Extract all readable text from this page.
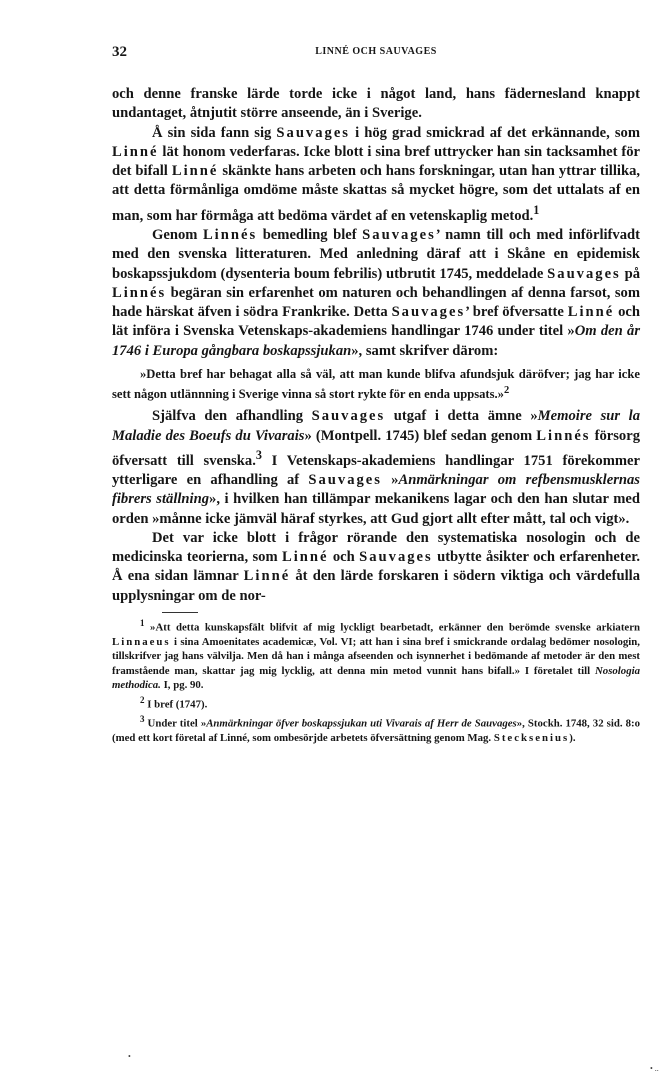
32	LINNÉ OCH SAUVAGES

och denne franske lärde torde icke i något land, hans fädernesland knappt undantaget, åtnjutit större anseende, än i Sverige.

Å sin sida fann sig Sauvages i hög grad smickrad af det erkännande, som Linné lät honom vederfaras. Icke blott i sina bref uttrycker han sin tacksamhet för det bifall Linné skänkte hans arbeten och hans forskningar, utan han yttrar tillika, att detta förmånliga omdöme måste skattas så mycket högre, som det uttalats af en man, som har förmåga att bedöma värdet af en vetenskaplig metod.$^1$

Genom Linnés bemedling blef Sauvages’ namn till och med införlifvadt med den svenska litteraturen. Med anledning däraf att i Skåne en epidemisk boskapssjukdom (dysenteria boum febrilis) utbrutit 1745, meddelade Sauvages på Linnés begäran sin erfarenhet om naturen och behandlingen af denna farsot, som hade härskat äfven i södra Frankrike. Detta Sauvages’ bref öfversatte Linné och lät införa i Svenska Vetenskaps-akademiens handlingar 1746 under titel »Om den år 1746 i Europa gångbara boskapssjukan», samt skrifver därom:

»Detta bref har behagat alla så väl, att man kunde blifva afundsjuk däröfver; jag har icke sett någon utlännning i Sverige vinna så stort rykte för en enda uppsats.»$^2$

Själfva den afhandling Sauvages utgaf i detta ämne »Memoire sur la Maladie des Boeufs du Vivarais» (Montpell. 1745) blef sedan genom Linnés försorg öfversatt till svenska.$^3$ I Vetenskaps-akademiens handlingar 1751 förekommer ytterligare en afhandling af Sauvages »Anmärkningar om refbensmusklernas fibrers ställning», i hvilken han tillämpar mekanikens lagar och den han slutar med orden »månne icke jämväl häraf styrkes, att Gud gjort allt efter mått, tal och vigt».

Det var icke blott i frågor rörande den systematiska nosologin och de medicinska teorierna, som Linné och Sauvages utbytte åsikter och erfarenheter. Å ena sidan lämnar Linné åt den lärde forskaren i södern viktiga och värdefulla upplysningar om de nor-

$^1$ »Att detta kunskapsfält blifvit af mig lyckligt bearbetadt, erkänner den berömde svenske arkiatern Linnaeus i sina Amoenitates academicæ, Vol. VI; att han i sina bref i smickrande ordalag bedömer nosologin, tillskrifver jag hans välvilja. Men då han i många afseenden och isynnerhet i bedömande af metoder är den mest framstående man, skattar jag mig lycklig, att denna min metod vunnit hans bifall.» I företalet till Nosologia methodica. I, pg. 90.

$^2$ I bref (1747).

$^3$ Under titel »Anmärkningar öfver boskapssjukan uti Vivarais af Herr de Sauvages», Stockh. 1748, 32 sid. 8:o (med ett kort företal af Linné, som ombesörjde arbetets öfversättning genom Mag. Stecksenius).

•
• ..
